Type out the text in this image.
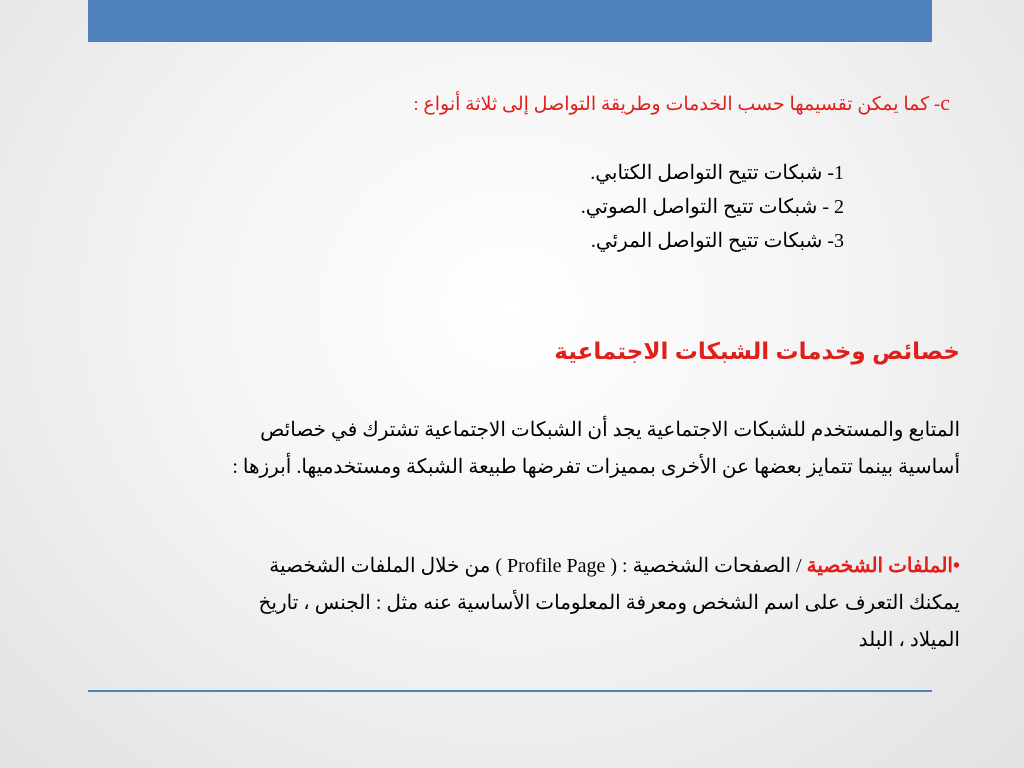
c- كما يمكن تقسيمها حسب الخدمات وطريقة التواصل إلى ثلاثة أنواع :
1- شبكات تتيح التواصل الكتابي.
2 - شبكات تتيح التواصل الصوتي.
3- شبكات تتيح التواصل المرئي.
خصائص وخدمات الشبكات الاجتماعية
المتابع والمستخدم للشبكات الاجتماعية يجد أن الشبكات الاجتماعية تشترك في خصائص أساسية بينما تتمايز بعضها عن الأخرى بمميزات تفرضها طبيعة الشبكة ومستخدميها. أبرزها :
•الملفات الشخصية / الصفحات الشخصية : ( Profile Page ) من خلال الملفات الشخصية يمكنك التعرف على اسم الشخص ومعرفة المعلومات الأساسية عنه مثل : الجنس ، تاريخ الميلاد ، البلد
